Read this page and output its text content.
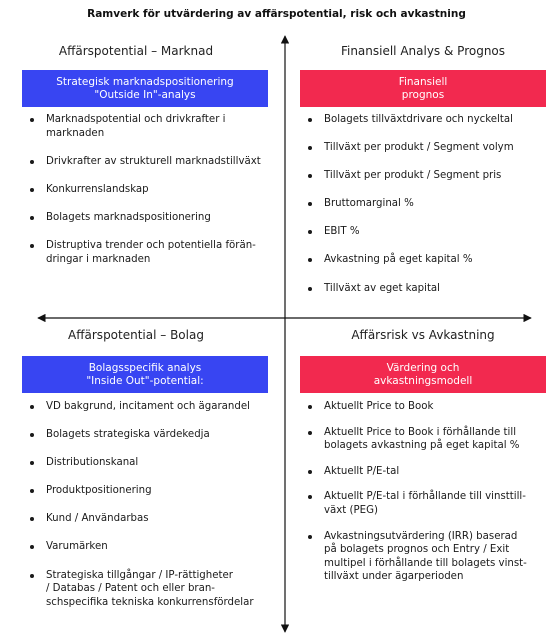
Ramverk för utvärdering av affärspotential, risk och avkastning
Affärspotential – Marknad
Strategisk marknadspositionering
"Outside In"-analys
Marknadspotential och drivkrafter i
marknaden
Drivkrafter av strukturell marknadstillväxt
Konkurrenslandskap
Bolagets marknadspositionering
Distruptiva trender och potentiella förän-
dringar i marknaden
Finansiell Analys & Prognos
Finansiell
prognos
Bolagets tillväxtdrivare och nyckeltal
Tillväxt per produkt / Segment volym
Tillväxt per produkt / Segment pris
Bruttomarginal %
EBIT %
Avkastning på eget kapital %
Tillväxt av eget kapital
Affärspotential – Bolag
Bolagsspecifik analys
"Inside Out"-potential:
VD bakgrund, incitament och ägarandel
Bolagets strategiska värdekedja
Distributionskanal
Produktpositionering
Kund / Användarbas
Varumärken
Strategiska tillgångar / IP-rättigheter
/ Databas / Patent och eller bran-
schspecifika tekniska konkurrensfördelar
Affärsrisk vs Avkastning
Värdering och
avkastningsmodell
Aktuellt Price to Book
Aktuellt Price to Book i förhållande till
bolagets avkastning på eget kapital %
Aktuellt P/E-tal
Aktuellt P/E-tal i förhållande till vinsttill-
växt (PEG)
Avkastningsutvärdering (IRR) baserad
på bolagets prognos och Entry / Exit
multipel i förhållande till bolagets vinst-
tillväxt under ägarperioden
